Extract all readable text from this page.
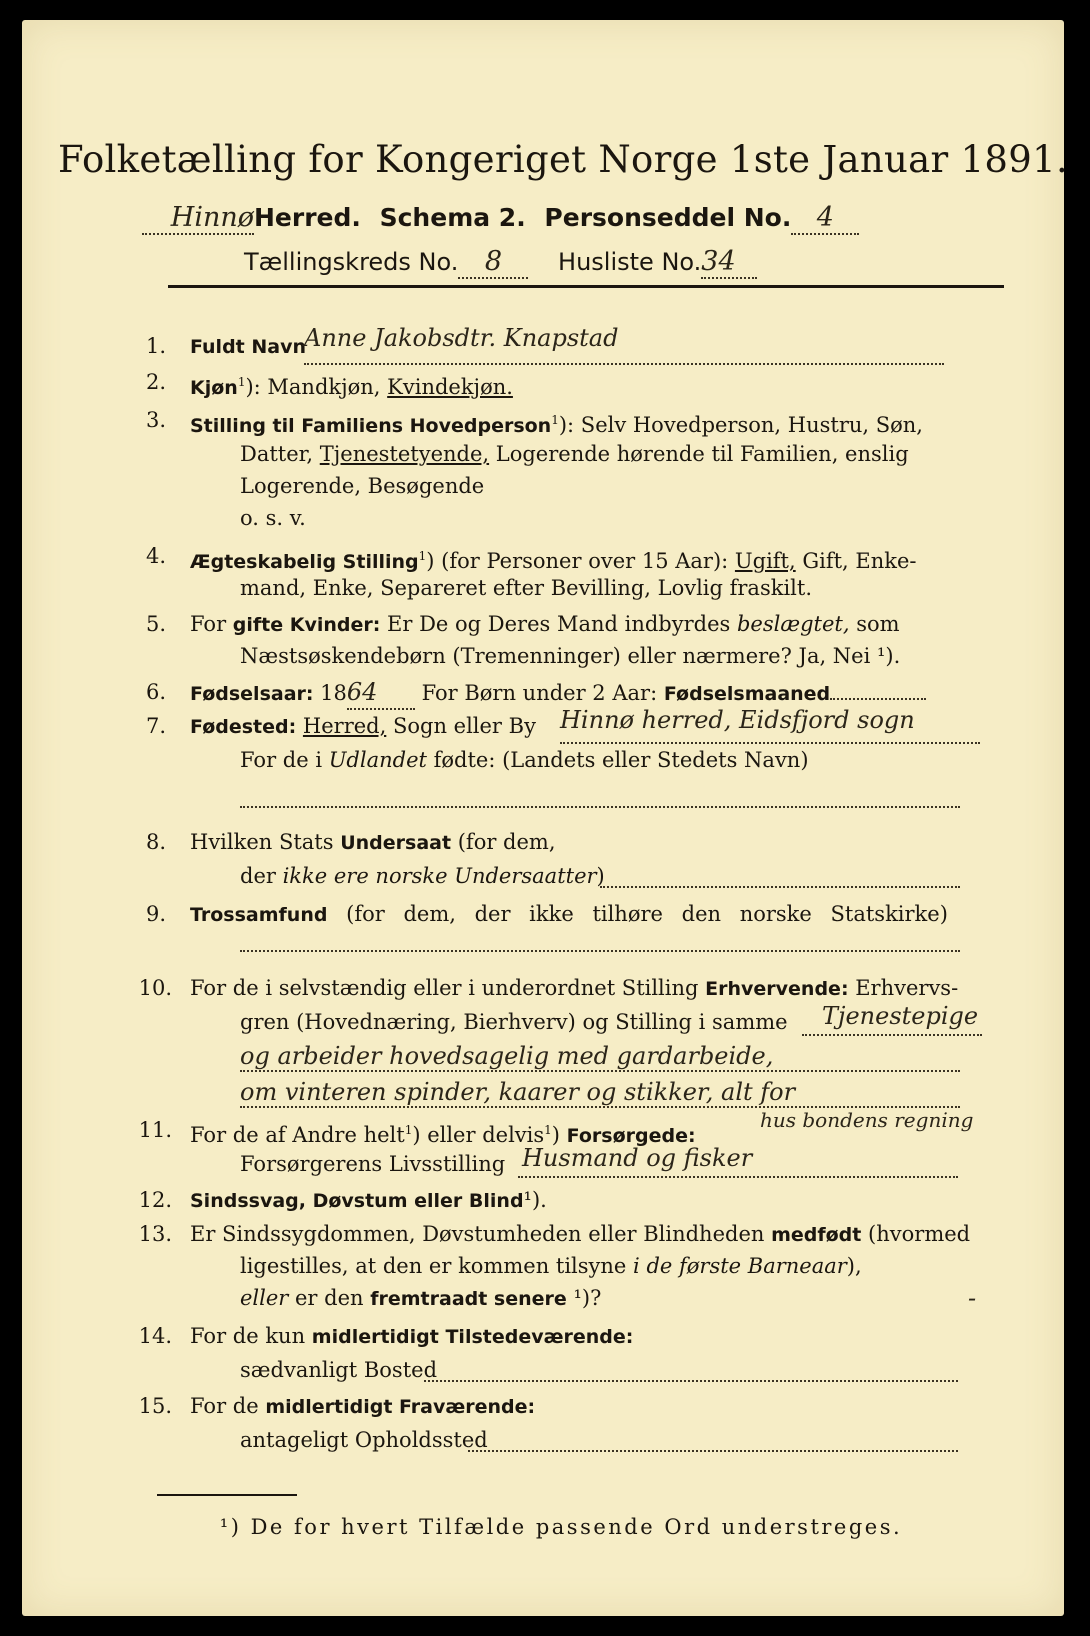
Folketælling for Kongeriget Norge 1ste Januar 1891.
HinnøHerred. Schema 2. Personseddel No. 4
Tællingskreds No. 8 Husliste No.34
1. Fuldt Navn
Anne Jakobsdtr. Knapstad
2. Kjøn$^1$): Mandkjøn, Kvindekjøn.
3. Stilling til Familiens Hovedperson$^1$): Selv Hovedperson, Hustru, Søn,
Datter, Tjenestetyende, Logerende hørende til Familien, enslig
Logerende, Besøgende
o. s. v.
4. Ægteskabelig Stilling$^1$) (for Personer over 15 Aar): Ugift, Gift, Enke-
mand, Enke, Separeret efter Bevilling, Lovlig fraskilt.
5. For gifte Kvinder: Er De og Deres Mand indbyrdes beslægtet, som
Næstsøskendebørn (Tremenninger) eller nærmere? Ja, Nei ¹).
6. Fødselsaar: 1864 For Børn under 2 Aar: Fødselsmaaned
7. Fødested: Herred, Sogn eller By Hinnø herred, Eidsfjord sogn
For de i Udlandet fødte: (Landets eller Stedets Navn)
8. Hvilken Stats Undersaat (for dem,
der ikke ere norske Undersaatter)
9. Trossamfund (for dem, der ikke tilhøre den norske Statskirke)
10. For de i selvstændig eller i underordnet Stilling Erhvervende: Erhvervs-
gren (Hovednæring, Bierhverv) og Stilling i samme Tjenestepige
og arbeider hovedsagelig med gardarbeide,
om vinteren spinder, kaarer og stikker, alt for
11. For de af Andre helt$^1$) eller delvis$^1$) Forsørgede:
hus bondens regning
Forsørgerens Livsstilling Husmand og fisker
12. Sindssvag, Døvstum eller Blind¹).
13. Er Sindssygdommen, Døvstumheden eller Blindheden medfødt (hvormed
ligestilles, at den er kommen tilsyne i de første Barneaar),
eller er den fremtraadt senere ¹)?	-
14. For de kun midlertidigt Tilstedeværende:
sædvanligt Bosted
15. For de midlertidigt Fraværende:
antageligt Opholdssted
¹) De for hvert Tilfælde passende Ord understreges.
